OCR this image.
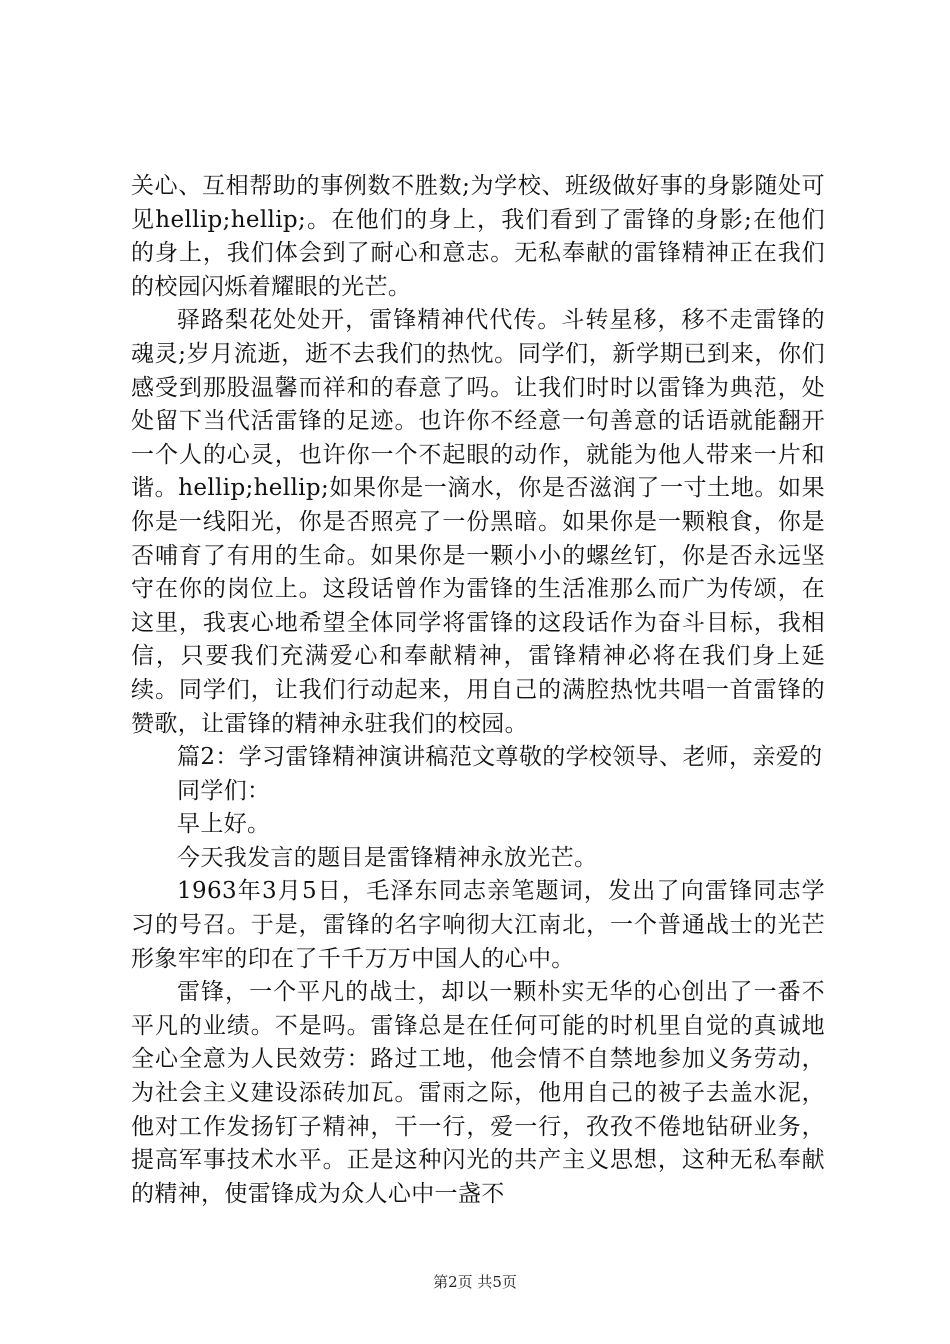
关心、互相帮助的事例数不胜数;为学校、班级做好事的身影随处可见hellip;hellip;。在他们的身上，我们看到了雷锋的身影;在他们的身上，我们体会到了耐心和意志。无私奉献的雷锋精神正在我们的校园闪烁着耀眼的光芒。

驿路梨花处处开，雷锋精神代代传。斗转星移，移不走雷锋的魂灵;岁月流逝，逝不去我们的热忱。同学们，新学期已到来，你们感受到那股温馨而祥和的春意了吗。让我们时时以雷锋为典范，处处留下当代活雷锋的足迹。也许你不经意一句善意的话语就能翻开一个人的心灵，也许你一个不起眼的动作，就能为他人带来一片和谐。hellip;hellip;如果你是一滴水，你是否滋润了一寸土地。如果你是一线阳光，你是否照亮了一份黑暗。如果你是一颗粮食，你是否哺育了有用的生命。如果你是一颗小小的螺丝钉，你是否永远坚守在你的岗位上。这段话曾作为雷锋的生活准那么而广为传颂，在这里，我衷心地希望全体同学将雷锋的这段话作为奋斗目标，我相信，只要我们充满爱心和奉献精神，雷锋精神必将在我们身上延续。同学们，让我们行动起来，用自己的满腔热忱共唱一首雷锋的赞歌，让雷锋的精神永驻我们的校园。

篇2：学习雷锋精神演讲稿范文尊敬的学校领导、老师，亲爱的

同学们：

早上好。

今天我发言的题目是雷锋精神永放光芒。

1963年3月5日，毛泽东同志亲笔题词，发出了向雷锋同志学习的号召。于是，雷锋的名字响彻大江南北，一个普通战士的光芒形象牢牢的印在了千千万万中国人的心中。

雷锋，一个平凡的战士，却以一颗朴实无华的心创出了一番不平凡的业绩。不是吗。雷锋总是在任何可能的时机里自觉的真诚地全心全意为人民效劳：路过工地，他会情不自禁地参加义务劳动，为社会主义建设添砖加瓦。雷雨之际，他用自己的被子去盖水泥，他对工作发扬钉子精神，干一行，爱一行，孜孜不倦地钻研业务，提高军事技术水平。正是这种闪光的共产主义思想，这种无私奉献的精神，使雷锋成为众人心中一盏不

第2页 共5页
